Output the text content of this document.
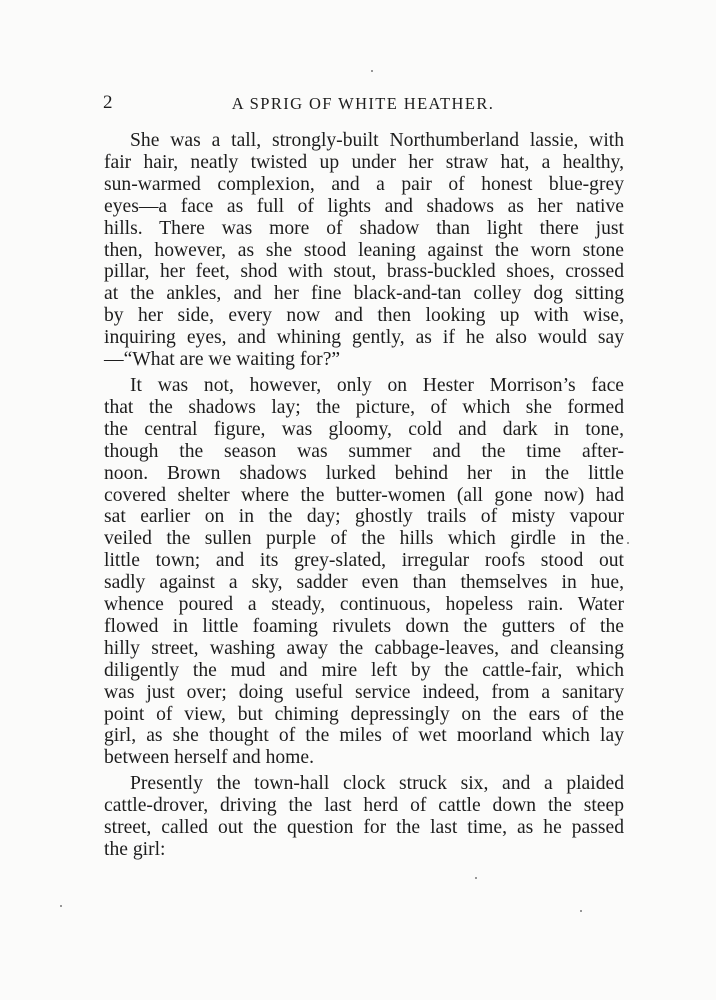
2	A SPRIG OF WHITE HEATHER.
She was a tall, strongly-built Northumberland lassie, with
fair hair, neatly twisted up under her straw hat, a healthy,
sun-warmed complexion, and a pair of honest blue-grey
eyes—a face as full of lights and shadows as her native
hills. There was more of shadow than light there just
then, however, as she stood leaning against the worn stone
pillar, her feet, shod with stout, brass-buckled shoes, crossed
at the ankles, and her fine black-and-tan colley dog sitting
by her side, every now and then looking up with wise,
inquiring eyes, and whining gently, as if he also would say
—“What are we waiting for?”
It was not, however, only on Hester Morrison’s face
that the shadows lay; the picture, of which she formed
the central figure, was gloomy, cold and dark in tone,
though the season was summer and the time after-
noon. Brown shadows lurked behind her in the little
covered shelter where the butter-women (all gone now) had
sat earlier on in the day; ghostly trails of misty vapour
veiled the sullen purple of the hills which girdle in the
little town; and its grey-slated, irregular roofs stood out
sadly against a sky, sadder even than themselves in hue,
whence poured a steady, continuous, hopeless rain. Water
flowed in little foaming rivulets down the gutters of the
hilly street, washing away the cabbage-leaves, and cleansing
diligently the mud and mire left by the cattle-fair, which
was just over; doing useful service indeed, from a sanitary
point of view, but chiming depressingly on the ears of the
girl, as she thought of the miles of wet moorland which lay
between herself and home.
Presently the town-hall clock struck six, and a plaided
cattle-drover, driving the last herd of cattle down the steep
street, called out the question for the last time, as he passed
the girl:
